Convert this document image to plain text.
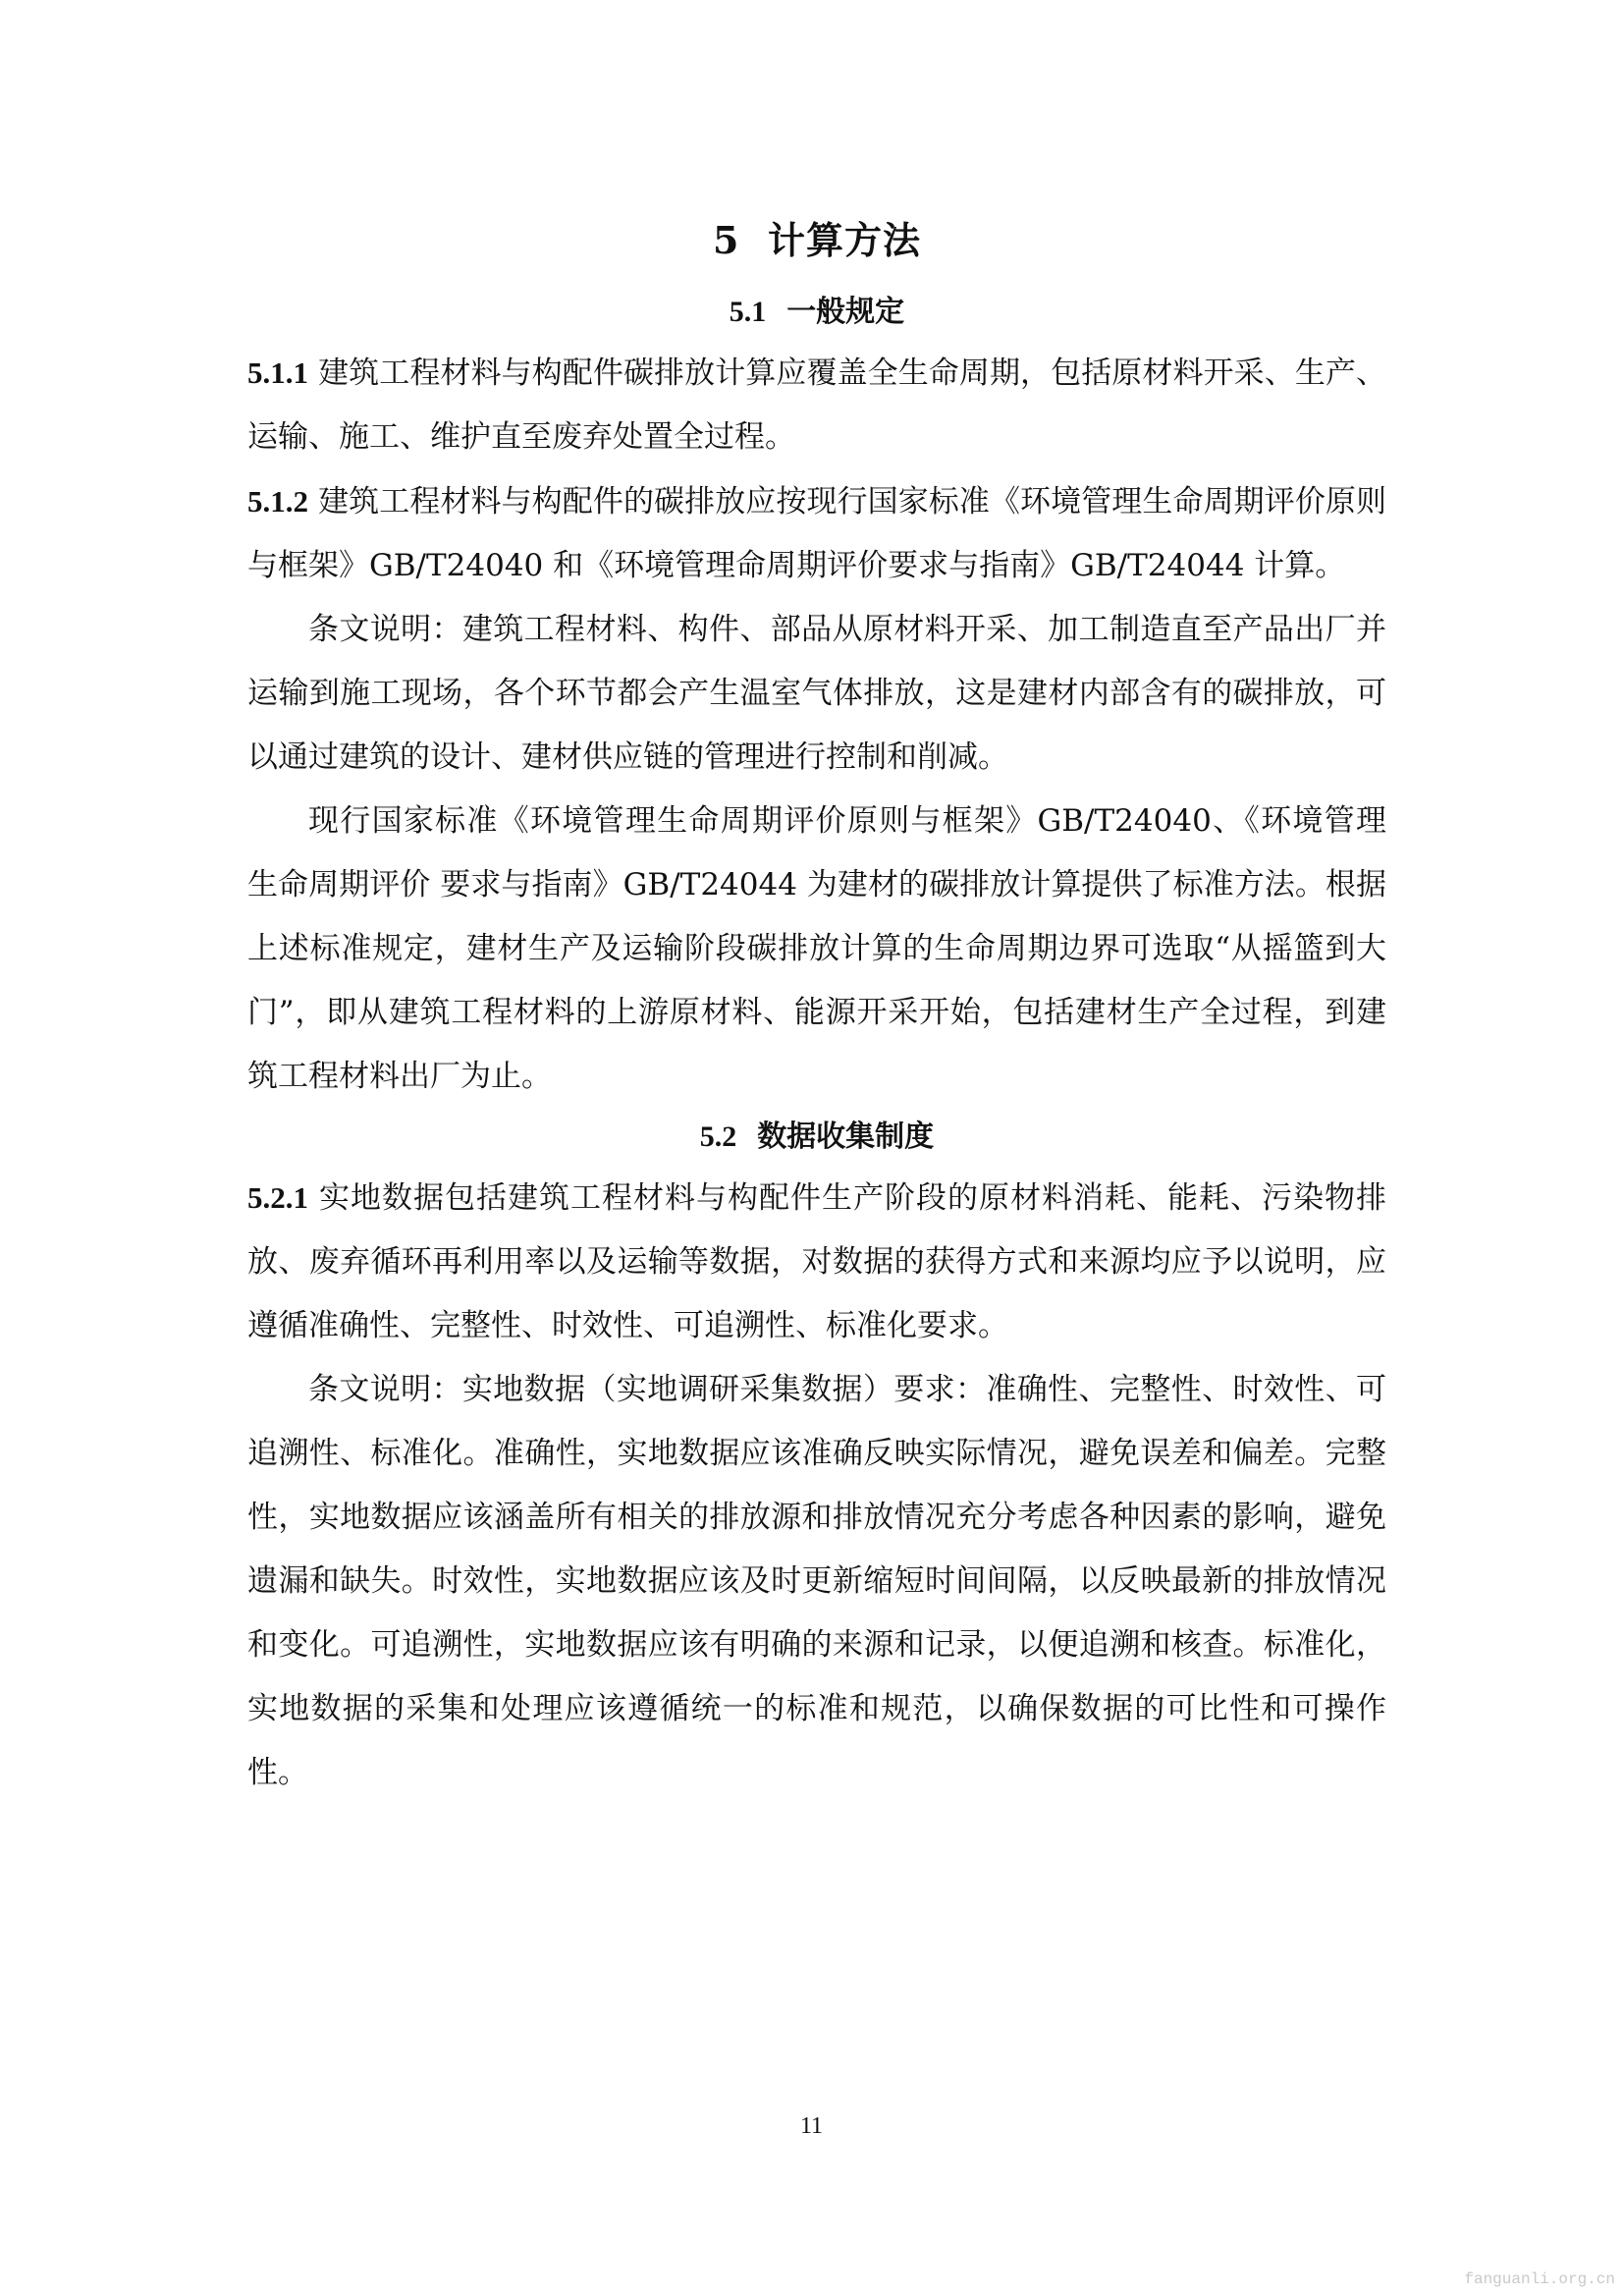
5 计算方法
5.1 一般规定

5.1.1 建筑工程材料与构配件碳排放计算应覆盖全生命周期，包括原材料开采、生产、运输、施工、维护直至废弃处置全过程。

5.1.2 建筑工程材料与构配件的碳排放应按现行国家标准《环境管理生命周期评价原则与框架》GB/T24040 和《环境管理命周期评价要求与指南》GB/T24044 计算。

条文说明：建筑工程材料、构件、部品从原材料开采、加工制造直至产品出厂并运输到施工现场，各个环节都会产生温室气体排放，这是建材内部含有的碳排放，可以通过建筑的设计、建材供应链的管理进行控制和削减。

现行国家标准《环境管理生命周期评价原则与框架》GB/T24040、《环境管理 生命周期评价 要求与指南》GB/T24044 为建材的碳排放计算提供了标准方法。根据上述标准规定，建材生产及运输阶段碳排放计算的生命周期边界可选取“从摇篮到大门”，即从建筑工程材料的上游原材料、能源开采开始，包括建材生产全过程，到建筑工程材料出厂为止。

5.2 数据收集制度

5.2.1 实地数据包括建筑工程材料与构配件生产阶段的原材料消耗、能耗、污染物排放、废弃循环再利用率以及运输等数据，对数据的获得方式和来源均应予以说明，应遵循准确性、完整性、时效性、可追溯性、标准化要求。

条文说明：实地数据（实地调研采集数据）要求：准确性、完整性、时效性、可追溯性、标准化。准确性，实地数据应该准确反映实际情况，避免误差和偏差。完整性，实地数据应该涵盖所有相关的排放源和排放情况充分考虑各种因素的影响，避免遗漏和缺失。时效性，实地数据应该及时更新缩短时间间隔，以反映最新的排放情况和变化。可追溯性，实地数据应该有明确的来源和记录，以便追溯和核查。标准化，实地数据的采集和处理应该遵循统一的标准和规范，以确保数据的可比性和可操作性。

11
fanguanli.org.cn
